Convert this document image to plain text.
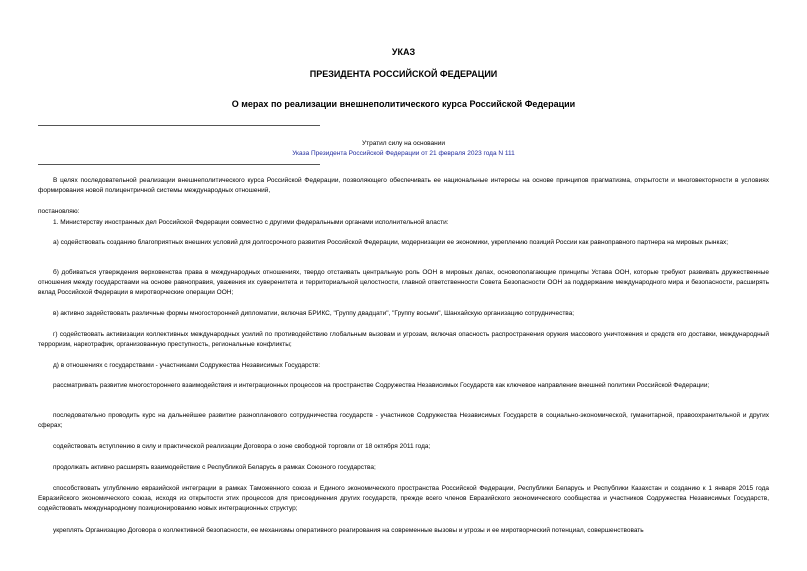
УКАЗ
ПРЕЗИДЕНТА РОССИЙСКОЙ ФЕДЕРАЦИИ
О мерах по реализации внешнеполитического курса Российской Федерации
Утратил силу на основании
Указа Президента Российской Федерации от 21 февраля 2023 года N 111

В целях последовательной реализации внешнеполитического курса Российской Федерации, позволяющего обеспечивать ее национальные интересы на основе принципов прагматизма, открытости и многовекторности в условиях формирования новой полицентричной системы международных отношений,

постановляю:

1. Министерству иностранных дел Российской Федерации совместно с другими федеральными органами исполнительной власти:

а) содействовать созданию благоприятных внешних условий для долгосрочного развития Российской Федерации, модернизации ее экономики, укреплению позиций России как равноправного партнера на мировых рынках;

б) добиваться утверждения верховенства права в международных отношениях, твердо отстаивать центральную роль ООН в мировых делах, основополагающие принципы Устава ООН, которые требуют развивать дружественные отношения между государствами на основе равноправия, уважения их суверенитета и территориальной целостности, главной ответственности Совета Безопасности ООН за поддержание международного мира и безопасности, расширять вклад Российской Федерации в миротворческие операции ООН;

в) активно задействовать различные формы многосторонней дипломатии, включая БРИКС, "Группу двадцати", "Группу восьми", Шанхайскую организацию сотрудничества;

г) содействовать активизации коллективных международных усилий по противодействию глобальным вызовам и угрозам, включая опасность распространения оружия массового уничтожения и средств его доставки, международный терроризм, наркотрафик, организованную преступность, региональные конфликты;

д) в отношениях с государствами - участниками Содружества Независимых Государств:

рассматривать развитие многостороннего взаимодействия и интеграционных процессов на пространстве Содружества Независимых Государств как ключевое направление внешней политики Российской Федерации;

последовательно проводить курс на дальнейшее развитие разнопланового сотрудничества государств - участников Содружества Независимых Государств в социально-экономической, гуманитарной, правоохранительной и других сферах;

содействовать вступлению в силу и практической реализации Договора о зоне свободной торговли от 18 октября 2011 года;

продолжать активно расширять взаимодействие с Республикой Беларусь в рамках Союзного государства;

способствовать углублению евразийской интеграции в рамках Таможенного союза и Единого экономического пространства Российской Федерации, Республики Беларусь и Республики Казахстан и созданию к 1 января 2015 года Евразийского экономического союза, исходя из открытости этих процессов для присоединения других государств, прежде всего членов Евразийского экономического сообщества и участников Содружества Независимых Государств, содействовать международному позиционированию новых интеграционных структур;

укреплять Организацию Договора о коллективной безопасности, ее механизмы оперативного реагирования на современные вызовы и угрозы и ее миротворческий потенциал, совершенствовать
